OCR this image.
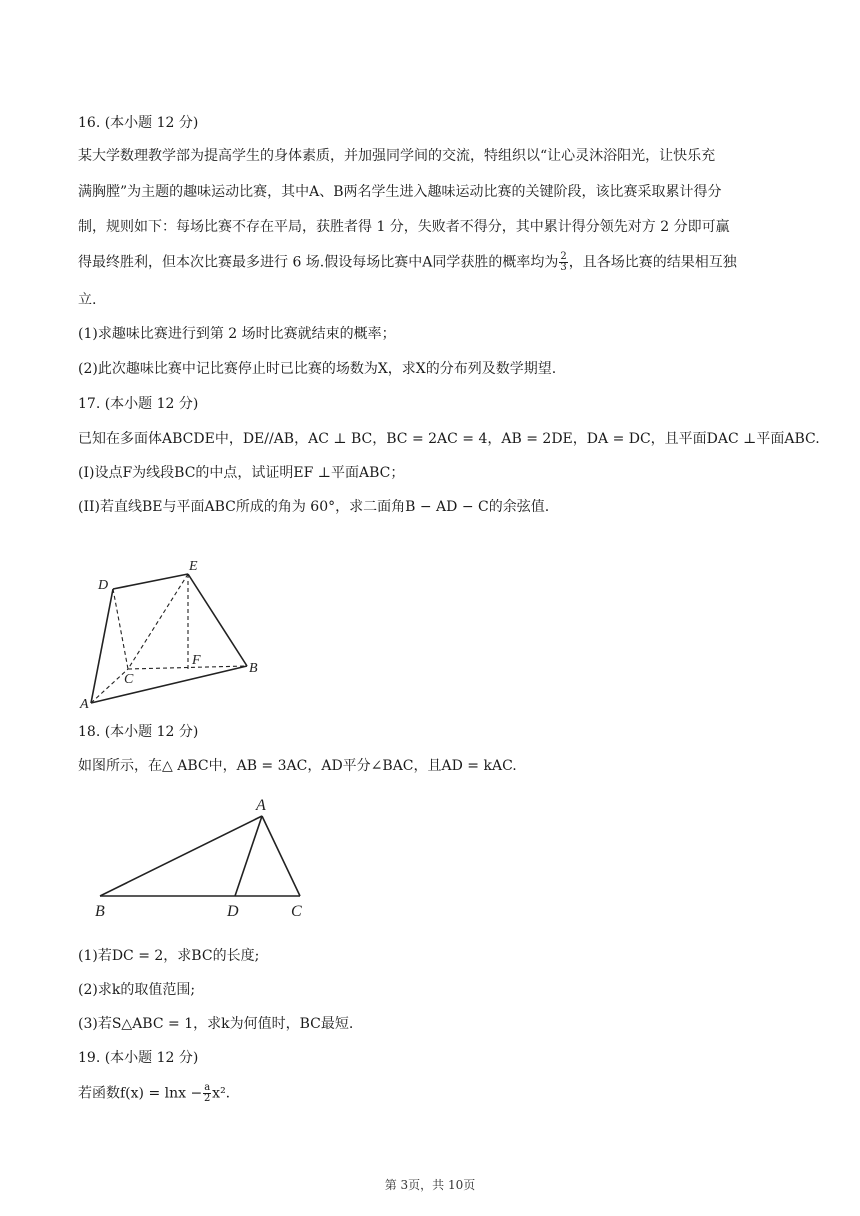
16. (本小题 12 分)
某大学数理教学部为提高学生的身体素质，并加强同学间的交流，特组织以“让心灵沐浴阳光，让快乐充
满胸膛”为主题的趣味运动比赛，其中A、B两名学生进入趣味运动比赛的关键阶段，该比赛采取累计得分
制，规则如下：每场比赛不存在平局，获胜者得 1 分，失败者不得分，其中累计得分领先对方 2 分即可赢
得最终胜利，但本次比赛最多进行 6 场.假设每场比赛中A同学获胜的概率均为 $\frac{2}{3}$ ，且各场比赛的结果相互独
立.
(1)求趣味比赛进行到第 2 场时比赛就结束的概率；
(2)此次趣味比赛中记比赛停止时已比赛的场数为X，求X的分布列及数学期望.
17. (本小题 12 分)
已知在多面体ABCDE中，DE//AB，AC ⊥ BC，BC = 2AC = 4，AB = 2DE，DA = DC，且平面DAC ⊥平面ABC.
(I)设点F为线段BC的中点，试证明EF ⊥平面ABC；
(II)若直线BE与平面ABC所成的角为 60°，求二面角B − AD − C的余弦值.
D
E
C
F
B
A
18. (本小题 12 分)
如图所示，在△ ABC中，AB = 3AC，AD平分∠BAC，且AD = kAC.
A
B	D	C
(1)若DC = 2，求BC的长度;
(2)求k的取值范围;
(3)若S△ABC = 1，求k为何值时，BC最短.
19. (本小题 12 分)
若函数$f(x) = \ln x - \frac{a}{2} x^2$.
第 3页，共 10页
